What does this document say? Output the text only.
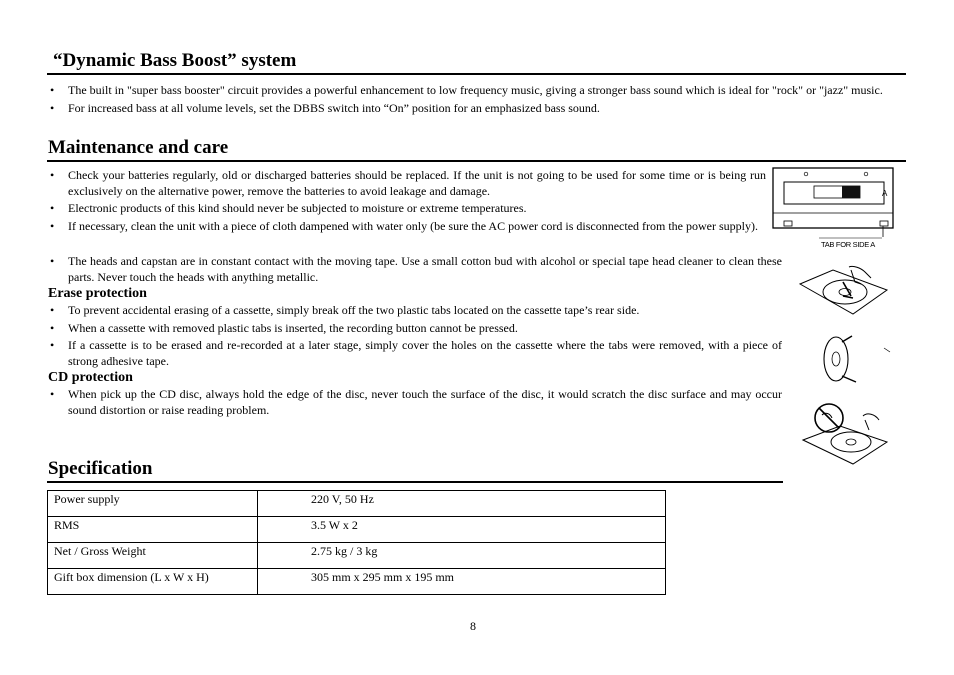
“Dynamic Bass Boost” system
• The built in "super bass booster" circuit provides a powerful enhancement to low frequency music, giving a stronger bass sound which is ideal for "rock" or "jazz" music.
• For increased bass at all volume levels, set the DBBS switch into “On” position for an emphasized bass sound.
Maintenance and care
• Check your batteries regularly, old or discharged batteries should be replaced. If the unit is not going to be used for some time or is being run exclusively on the alternative power, remove the batteries to avoid leakage and damage.
• Electronic products of this kind should never be subjected to moisture or extreme temperatures.
• If necessary, clean the unit with a piece of cloth dampened with water only (be sure the AC power cord is disconnected from the power supply).
• The heads and capstan are in constant contact with the moving tape. Use a small cotton bud with alcohol or special tape head cleaner to clean these parts. Never touch the heads with anything metallic.
Erase protection
• To prevent accidental erasing of a cassette, simply break off the two plastic tabs located on the cassette tape’s rear side.
• When a cassette with removed plastic tabs is inserted, the recording button cannot be pressed.
• If a cassette is to be erased and re-recorded at a later stage, simply cover the holes on the cassette where the tabs were removed, with a piece of strong adhesive tape.
CD protection
• When pick up the CD disc, always hold the edge of the disc, never touch the surface of the disc, it would scratch the disc surface and may occur sound distortion or raise reading problem.
Specification
Power supply	220 V, 50 Hz
RMS	3.5 W x 2
Net / Gross Weight	2.75 kg / 3 kg
Gift box dimension (L x W x H)	305 mm x 295 mm x 195 mm
8
A
TAB FOR SIDE A
